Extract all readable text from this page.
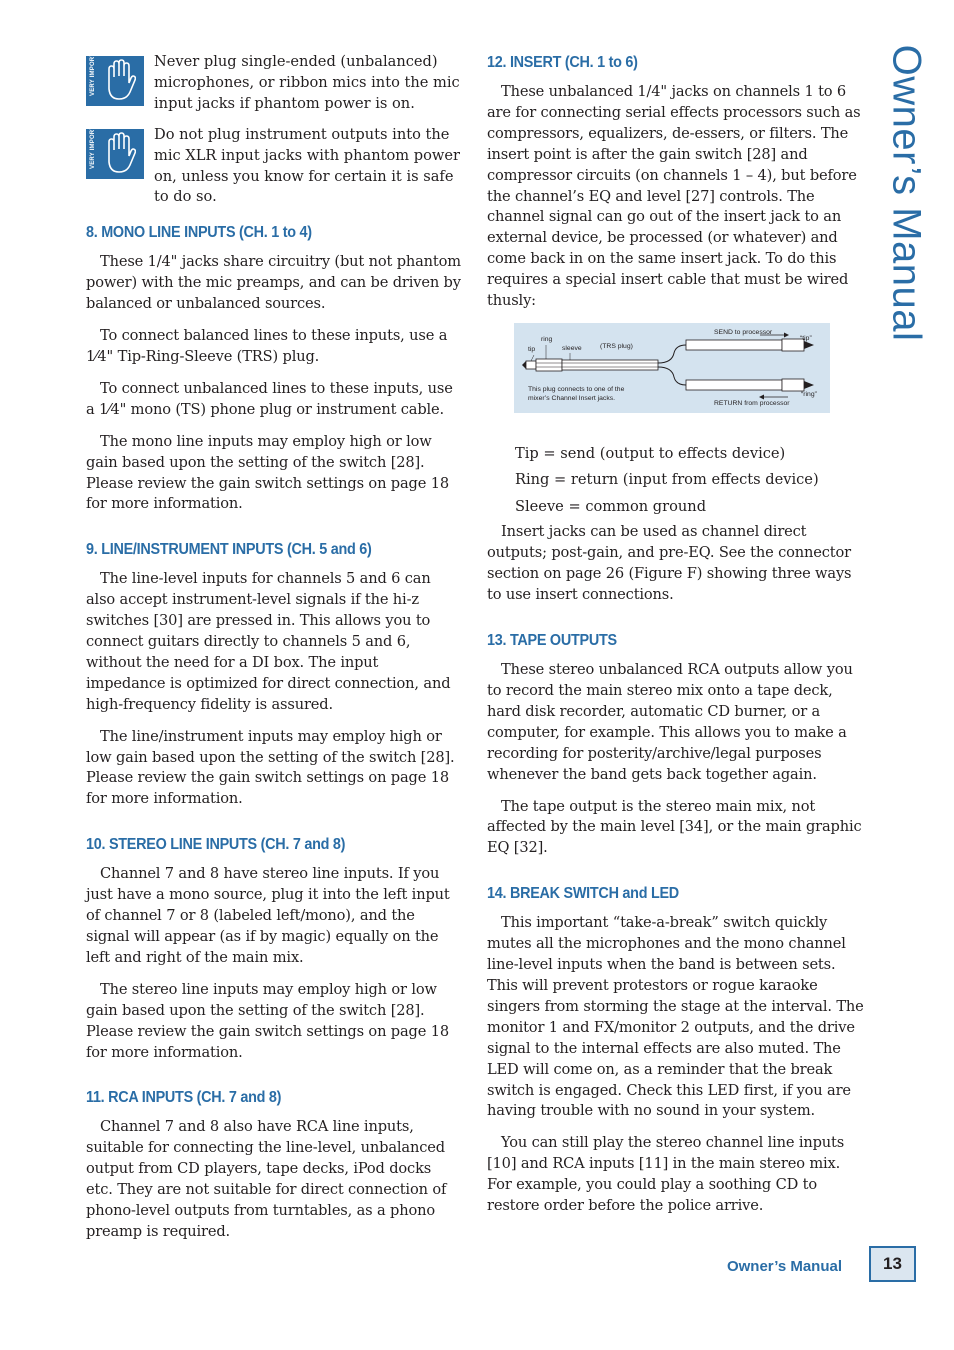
VERY IMPORTANT	Never plug single-ended (unbalanced) microphones, or ribbon mics into the mic input jacks if phantom power is on.

VERY IMPORTANT	Do not plug instrument outputs into the mic XLR input jacks with phantom power on, unless you know for certain it is safe to do so.

8. MONO LINE INPUTS (CH. 1 to 4)

These 1/4" jacks share circuitry (but not phantom power) with the mic preamps, and can be driven by balanced or unbalanced sources.

To connect balanced lines to these inputs, use a 1⁄4" Tip-Ring-Sleeve (TRS) plug.

To connect unbalanced lines to these inputs, use a 1⁄4" mono (TS) phone plug or instrument cable.

The mono line inputs may employ high or low gain based upon the setting of the switch [28]. Please review the gain switch settings on page 18 for more information.

9. LINE/INSTRUMENT INPUTS (CH. 5 and 6)

The line-level inputs for channels 5 and 6 can also accept instrument-level signals if the hi-z switches [30] are pressed in. This allows you to connect guitars directly to channels 5 and 6, without the need for a DI box. The input impedance is optimized for direct connection, and high-frequency fidelity is assured.

The line/instrument inputs may employ high or low gain based upon the setting of the switch [28]. Please review the gain switch settings on page 18 for more information.

10. STEREO LINE INPUTS (CH. 7 and 8)

Channel 7 and 8 have stereo line inputs. If you just have a mono source, plug it into the left input of channel 7 or 8 (labeled left/mono), and the signal will appear (as if by magic) equally on the left and right of the main mix.

The stereo line inputs may employ high or low gain based upon the setting of the switch [28]. Please review the gain switch settings on page 18 for more information.

11. RCA INPUTS (CH. 7 and 8)

Channel 7 and 8 also have RCA line inputs, suitable for connecting the line-level, unbalanced output from CD players, tape decks, iPod docks etc. They are not suitable for direct connection of phono-level outputs from turntables, as a phono preamp is required.

12. INSERT (CH. 1 to 6)

These unbalanced 1/4" jacks on channels 1 to 6 are for connecting serial effects processors such as compressors, equalizers, de-essers, or filters. The insert point is after the gain switch [28] and compressor circuits (on channels 1 – 4), but before the channel’s EQ and level [27] controls. The channel signal can go out of the insert jack to an external device, be processed (or whatever) and come back in on the same insert jack. To do this requires a special insert cable that must be wired thusly:

ring
tip	sleeve	(TRS plug)
SEND to processor
“tip”
This plug connects to one of the
mixer’s Channel Insert jacks.
RETURN from processor
“ring”
Tip = send (output to effects device)
Ring = return (input from effects device)
Sleeve = common ground

Insert jacks can be used as channel direct outputs; post-gain, and pre-EQ. See the connector section on page 26 (Figure F) showing three ways to use insert connections.

13. TAPE OUTPUTS

These stereo unbalanced RCA outputs allow you to record the main stereo mix onto a tape deck, hard disk recorder, automatic CD burner, or a computer, for example. This allows you to make a recording for posterity/archive/legal purposes whenever the band gets back together again.

The tape output is the stereo main mix, not affected by the main level [34], or the main graphic EQ [32].

14. BREAK SWITCH and LED

This important “take-a-break” switch quickly mutes all the microphones and the mono channel line-level inputs when the band is between sets. This will prevent protestors or rogue karaoke singers from storming the stage at the interval. The monitor 1 and FX/monitor 2 outputs, and the drive signal to the internal effects are also muted. The LED will come on, as a reminder that the break switch is engaged. Check this LED first, if you are having trouble with no sound in your system.

You can still play the stereo channel line inputs [10] and RCA inputs [11] in the main stereo mix. For example, you could play a soothing CD to restore order before the police arrive.

Owner’s Manual
Owner’s Manual	13
